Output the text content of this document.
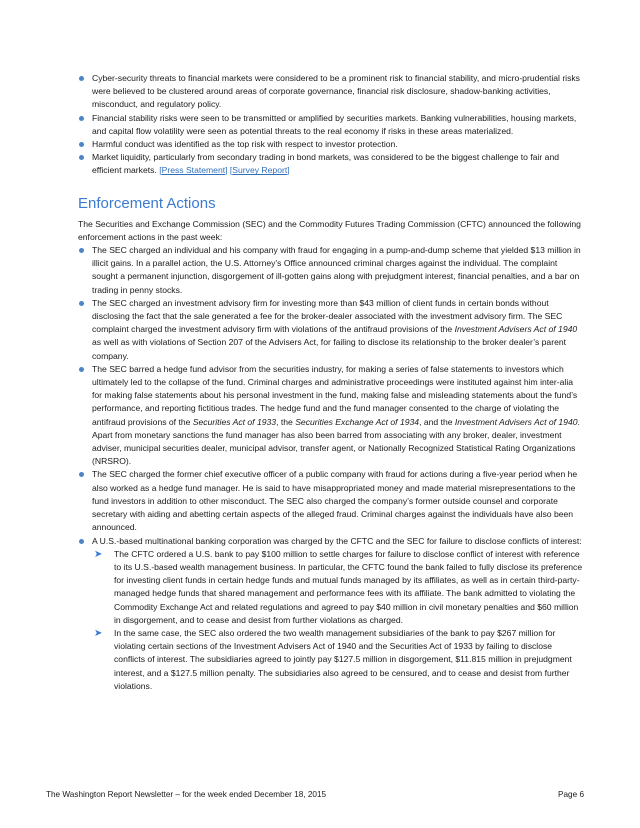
Cyber-security threats to financial markets were considered to be a prominent risk to financial stability, and micro-prudential risks were believed to be clustered around areas of corporate governance, financial risk disclosure, shadow-banking activities, misconduct, and regulatory policy.
Financial stability risks were seen to be transmitted or amplified by securities markets. Banking vulnerabilities, housing markets, and capital flow volatility were seen as potential threats to the real economy if risks in these areas materialized.
Harmful conduct was identified as the top risk with respect to investor protection.
Market liquidity, particularly from secondary trading in bond markets, was considered to be the biggest challenge to fair and efficient markets. [Press Statement] [Survey Report]
Enforcement Actions
The Securities and Exchange Commission (SEC) and the Commodity Futures Trading Commission (CFTC) announced the following enforcement actions in the past week:
The SEC charged an individual and his company with fraud for engaging in a pump-and-dump scheme that yielded $13 million in illicit gains. In a parallel action, the U.S. Attorney’s Office announced criminal charges against the individual. The complaint sought a permanent injunction, disgorgement of ill-gotten gains along with prejudgment interest, financial penalties, and a bar on trading in penny stocks.
The SEC charged an investment advisory firm for investing more than $43 million of client funds in certain bonds without disclosing the fact that the sale generated a fee for the broker-dealer associated with the investment advisory firm. The SEC complaint charged the investment advisory firm with violations of the antifraud provisions of the Investment Advisers Act of 1940 as well as with violations of Section 207 of the Advisers Act, for failing to disclose its relationship to the broker dealer’s parent company.
The SEC barred a hedge fund advisor from the securities industry, for making a series of false statements to investors which ultimately led to the collapse of the fund. Criminal charges and administrative proceedings were instituted against him inter-alia for making false statements about his personal investment in the fund, making false and misleading statements about the fund’s performance, and reporting fictitious trades. The hedge fund and the fund manager consented to the charge of violating the antifraud provisions of the Securities Act of 1933, the Securities Exchange Act of 1934, and the Investment Advisers Act of 1940. Apart from monetary sanctions the fund manager has also been barred from associating with any broker, dealer, investment adviser, municipal securities dealer, municipal advisor, transfer agent, or Nationally Recognized Statistical Rating Organizations (NRSRO).
The SEC charged the former chief executive officer of a public company with fraud for actions during a five-year period when he also worked as a hedge fund manager. He is said to have misappropriated money and made material misrepresentations to the fund investors in addition to other misconduct. The SEC also charged the company’s former outside counsel and corporate secretary with aiding and abetting certain aspects of the alleged fraud. Criminal charges against the individuals have also been announced.
A U.S.-based multinational banking corporation was charged by the CFTC and the SEC for failure to disclose conflicts of interest:
➤ The CFTC ordered a U.S. bank to pay $100 million to settle charges for failure to disclose conflict of interest with reference to its U.S.-based wealth management business. In particular, the CFTC found the bank failed to fully disclose its preference for investing client funds in certain hedge funds and mutual funds managed by its affiliates, as well as in certain third-party-managed hedge funds that shared management and performance fees with its affiliate. The bank admitted to violating the Commodity Exchange Act and related regulations and agreed to pay $40 million in civil monetary penalties and $60 million in disgorgement, and to cease and desist from further violations as charged.
➤ In the same case, the SEC also ordered the two wealth management subsidiaries of the bank to pay $267 million for violating certain sections of the Investment Advisers Act of 1940 and the Securities Act of 1933 by failing to disclose conflicts of interest. The subsidiaries agreed to jointly pay $127.5 million in disgorgement, $11.815 million in prejudgment interest, and a $127.5 million penalty. The subsidiaries also agreed to be censured, and to cease and desist from further violations.
The Washington Report Newsletter – for the week ended December 18, 2015	Page 6
